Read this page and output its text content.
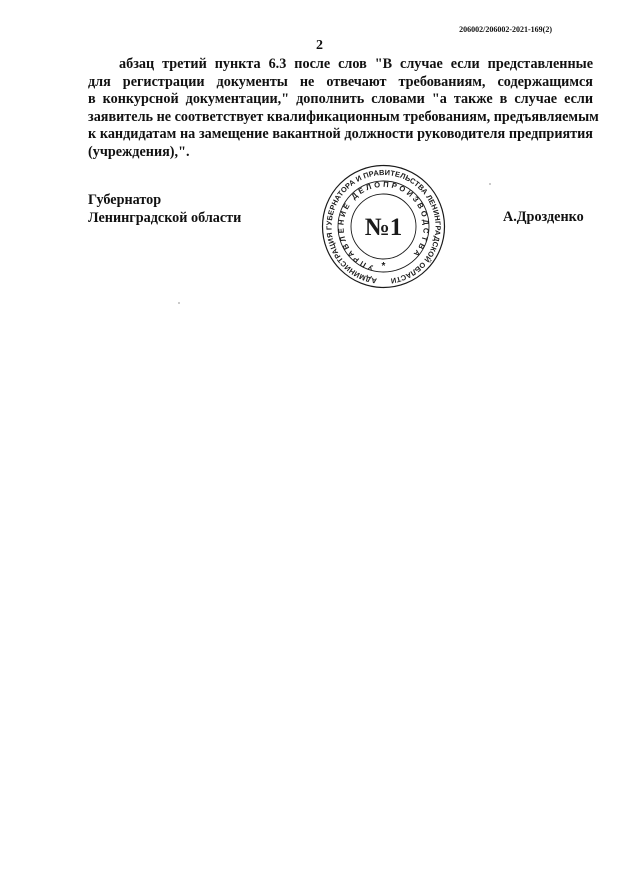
206002/206002-2021-169(2)
2
абзац третий пункта 6.3 после слов "В случае если представленные
для регистрации документы не отвечают требованиям, содержащимся
в конкурсной документации," дополнить словами "а также в случае если
заявитель не соответствует квалификационным требованиям, предъявляемым
к кандидатам на замещение вакантной должности руководителя предприятия
(учреждения),".
Губернатор
Ленинградской области
АДМИНИСТРАЦИЯ ГУБЕРНАТОРА И ПРАВИТЕЛЬСТВА ЛЕНИНГРАДСКОЙ ОБЛАСТИ
УПРАВЛЕНИЕ ДЕЛОПРОИЗВОДСТВА
№1
*
А.Дрозденко
